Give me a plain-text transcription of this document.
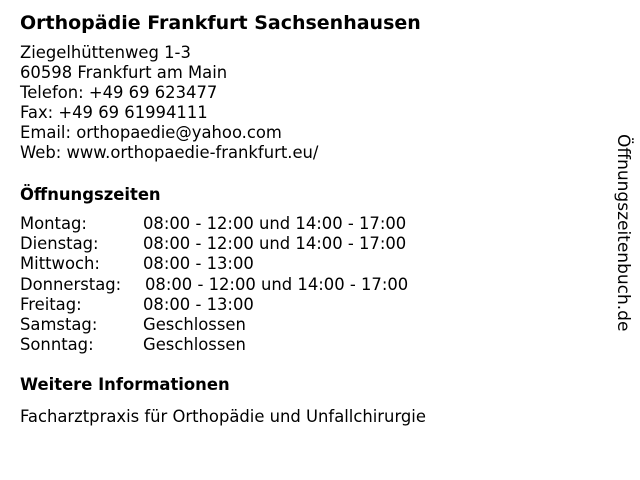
Orthopädie Frankfurt Sachsenhausen
Ziegelhüttenweg 1-3
60598 Frankfurt am Main
Telefon: +49 69 623477
Fax: +49 69 61994111
Email: orthopaedie@yahoo.com
Web: www.orthopaedie-frankfurt.eu/
Öffnungszeiten
Montag:	08:00 - 12:00 und 14:00 - 17:00
Dienstag:	08:00 - 12:00 und 14:00 - 17:00
Mittwoch:	08:00 - 13:00
Donnerstag:	08:00 - 12:00 und 14:00 - 17:00
Freitag:	08:00 - 13:00
Samstag:	Geschlossen
Sonntag:	Geschlossen
Weitere Informationen
Facharztpraxis für Orthopädie und Unfallchirurgie
Öffnungszeitenbuch.de
